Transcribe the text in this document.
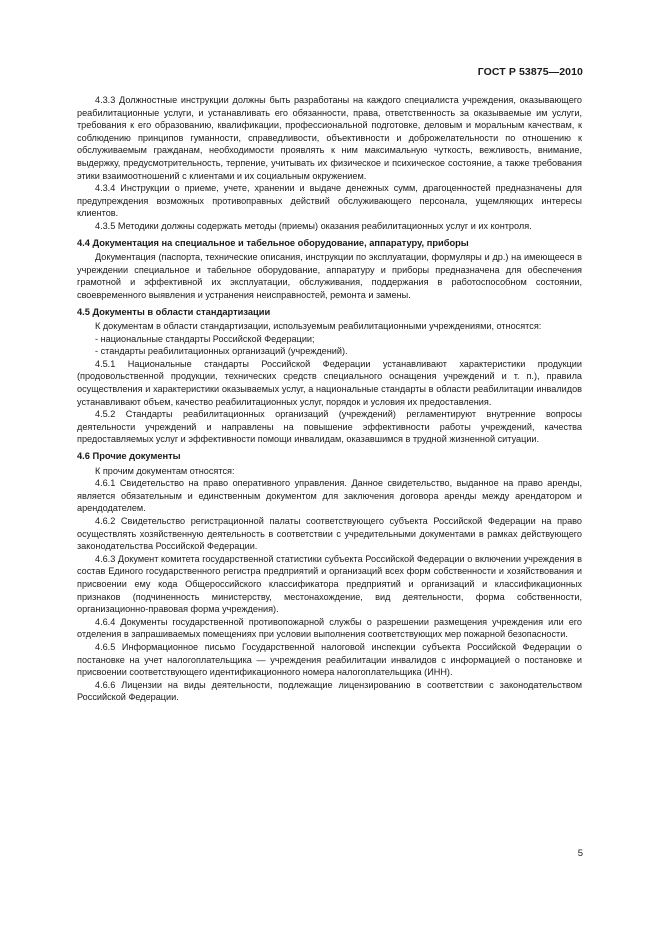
ГОСТ Р 53875—2010

4.3.3 Должностные инструкции должны быть разработаны на каждого специалиста учреждения, оказывающего реабилитационные услуги, и устанавливать его обязанности, права, ответственность за оказываемые им услуги, требования к его образованию, квалификации, профессиональной подготовке, деловым и моральным качествам, к соблюдению принципов гуманности, справедливости, объективности и доброжелательности по отношению к обслуживаемым гражданам, необходимости проявлять к ним максимальную чуткость, вежливость, внимание, выдержку, предусмотрительность, терпение, учитывать их физическое и психическое состояние, а также требования этики взаимоотношений с клиентами и их социальным окружением.

4.3.4 Инструкции о приеме, учете, хранении и выдаче денежных сумм, драгоценностей предназначены для предупреждения возможных противоправных действий обслуживающего персонала, ущемляющих интересы клиентов.

4.3.5 Методики должны содержать методы (приемы) оказания реабилитационных услуг и их контроля.

4.4 Документация на специальное и табельное оборудование, аппаратуру, приборы

Документация (паспорта, технические описания, инструкции по эксплуатации, формуляры и др.) на имеющееся в учреждении специальное и табельное оборудование, аппаратуру и приборы предназначена для обеспечения грамотной и эффективной их эксплуатации, обслуживания, поддержания в работоспособном состоянии, своевременного выявления и устранения неисправностей, ремонта и замены.

4.5 Документы в области стандартизации

К документам в области стандартизации, используемым реабилитационными учреждениями, относятся:

- национальные стандарты Российской Федерации;

- стандарты реабилитационных организаций (учреждений).

4.5.1 Национальные стандарты Российской Федерации устанавливают характеристики продукции (продовольственной продукции, технических средств специального оснащения учреждений и т. п.), правила осуществления и характеристики оказываемых услуг, а национальные стандарты в области реабилитации инвалидов устанавливают объем, качество реабилитационных услуг, порядок и условия их предоставления.

4.5.2 Стандарты реабилитационных организаций (учреждений) регламентируют внутренние вопросы деятельности учреждений и направлены на повышение эффективности работы учреждений, качества предоставляемых услуг и эффективности помощи инвалидам, оказавшимся в трудной жизненной ситуации.

4.6 Прочие документы

К прочим документам относятся:

4.6.1 Свидетельство на право оперативного управления. Данное свидетельство, выданное на право аренды, является обязательным и единственным документом для заключения договора аренды между арендатором и арендодателем.

4.6.2 Свидетельство регистрационной палаты соответствующего субъекта Российской Федерации на право осуществлять хозяйственную деятельность в соответствии с учредительными документами в рамках действующего законодательства Российской Федерации.

4.6.3 Документ комитета государственной статистики субъекта Российской Федерации о включении учреждения в состав Единого государственного регистра предприятий и организаций всех форм собственности и хозяйствования и присвоении ему кода Общероссийского классификатора предприятий и организаций и классификационных признаков (подчиненность министерству, местонахождение, вид деятельности, форма собственности, организационно-правовая форма учреждения).

4.6.4 Документы государственной противопожарной службы о разрешении размещения учреждения или его отделения в запрашиваемых помещениях при условии выполнения соответствующих мер пожарной безопасности.

4.6.5 Информационное письмо Государственной налоговой инспекции субъекта Российской Федерации о постановке на учет налогоплательщика — учреждения реабилитации инвалидов с информацией о постановке и присвоении соответствующего идентификационного номера налогоплательщика (ИНН).

4.6.6 Лицензии на виды деятельности, подлежащие лицензированию в соответствии с законодательством Российской Федерации.

5
